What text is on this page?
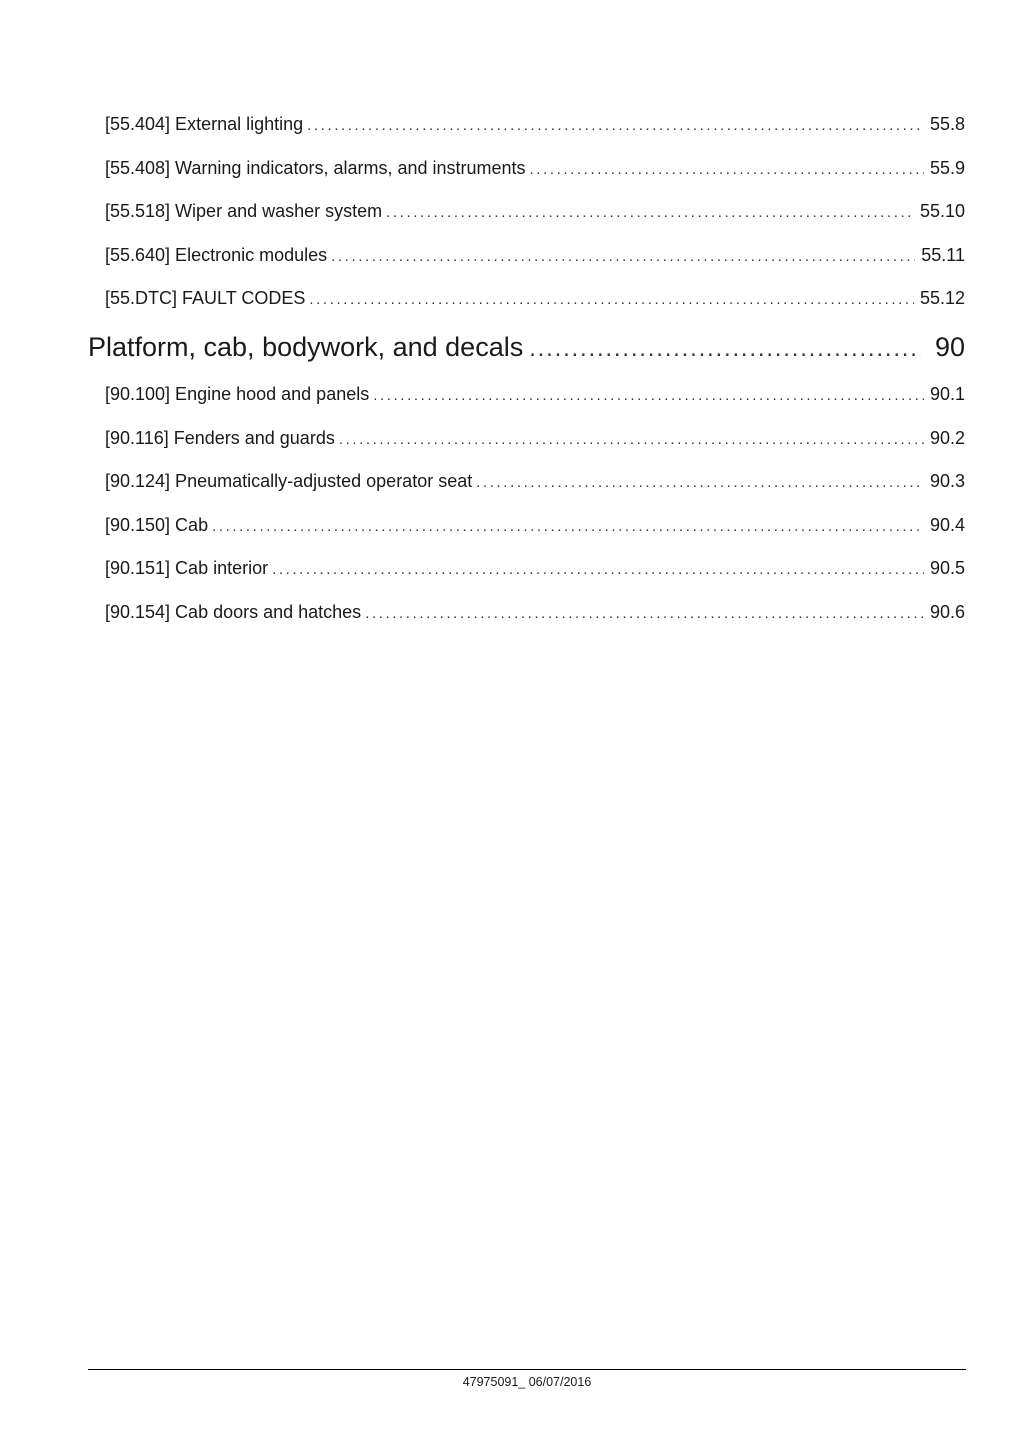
[55.404] External lighting .....	55.8
[55.408] Warning indicators, alarms, and instruments .....	55.9
[55.518] Wiper and washer system .....	55.10
[55.640] Electronic modules .....	55.11
[55.DTC] FAULT CODES .....	55.12
Platform, cab, bodywork, and decals .....	90
[90.100] Engine hood and panels .....	90.1
[90.116] Fenders and guards .....	90.2
[90.124] Pneumatically-adjusted operator seat .....	90.3
[90.150] Cab .....	90.4
[90.151] Cab interior .....	90.5
[90.154] Cab doors and hatches .....	90.6
47975091_ 06/07/2016
